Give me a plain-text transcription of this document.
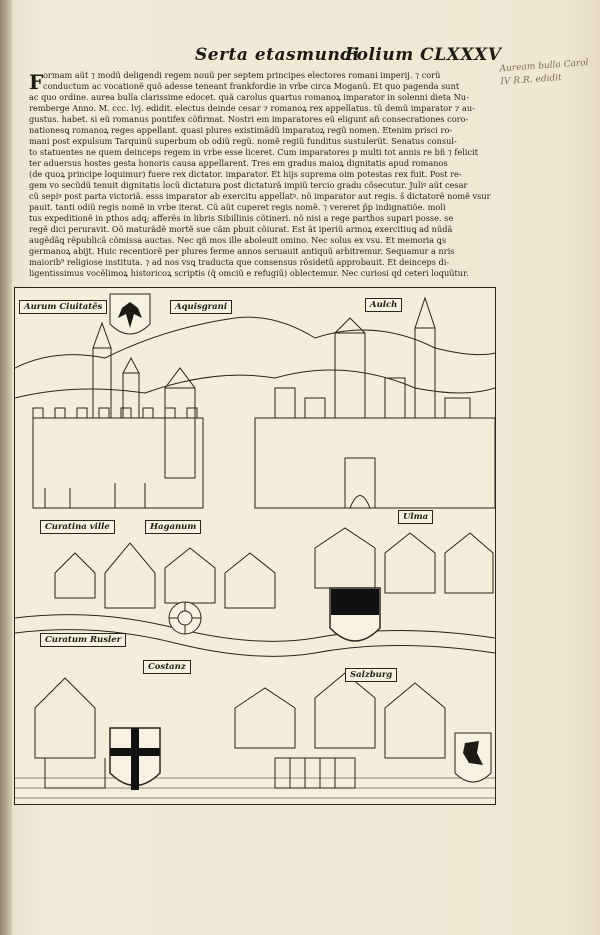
Serta etasmundi
Folium CLXXXV
Auream bulla Carol IV R.R. edidit
F ormam aũt ⁊ modũ deligendi regem nouũ per septem principes electores romani imperij. ⁊ corũ
conductum ac vocationẽ quõ adesse teneant frankfordie in vrbe circa Moganũ. Et quo pagenda sunt
ac quo ordine. aurea bulla clarissime edocet. quã carolus quartus romanoꝝ imparator in solenni dieta Nu-
remberge Anno. M. ccc. lvj. edidit. electus deinde cesar ⁊ romanoꝝ rex appellatus. tũ demũ imparator ⁊ au-
gustus. habet. si eũ romanus pontifex cõfirmat. Nostri em imparatores eũ eligunt añ consecrationes coro-
nationesꝗ romanoꝝ reges appellant. quasi plures existimãdũ imparatoꝝ regũ nomen. Etenim prisci ro-
mani post expulsum Tarquinũ superbum ob odiũ regũ. nomẽ regiũ funditus sustulerũt. Senatus consul-
to statuentes ne quem deinceps regem in vrbe esse liceret. Cum imparatores p multi tot annis re bñ ⁊ felicit
ter aduersus hostes gesta honoris causa appellarent. Tres em gradus maioꝝ dignitatis apud romanos
(de quoꝝ principe loquimur) fuere rex dictator. imparator. Et hijs suprema oim potestas rex fuit. Post re-
gem vo secũdũ tenuit dignitatis locũ dictatura post dictaturã impiũ tercio gradu cõsecutur. Juliꝰ aũt cesar
cũ sepiꝰ post parta victoriã. esss imparator ab exercitu appellatꝰ. nõ imparator aut regis. s̃ dictatorẽ nomẽ vsur
pauit. tanti odiũ regis nomẽ in vrbe iterat. Cũ aũt cuperet regis nomẽ. ⁊ vereret p̃p indignatiõe. moli
tus expeditionẽ in pthos adq; afferẽs in libris Sibillinis cõtineri. nõ nisi a rege parthos supari posse. se
regẽ dici peruravit. Oõ maturãdẽ mortẽ sue cãm pbuit cõiurat. Est ãt iperiũ armoꝝ exercitiuꝗ ad nũdã
augẽdãꝗ rẽpublicã cõmissa auctas. Nec qñ mos ille aboleuit omino. Nec solus ex vsu. Et memoria ꝗs
germanoꝝ abijt. Huic recentiorẽ per plures ferme annos seruauit antiquũ arbitremur. Sequamur a nris
maiorib⁹ religiose instituta. ⁊ ad nos vsꝗ traducta que consensus rõsidetũ approbauit. Et deinceps di-
ligentissimus vocẽlimoꝝ historicoꝝ scriptis (q̃ omciũ e refugiũ) oblectemur. Nec curiosi qd ceteri loquũtur.
Aurum Ciuitatẽs	Aquisgrani	Aulch
Curatina ville	Haganum
Ulma
Curatum Rusler
Costanz
Salzburg
